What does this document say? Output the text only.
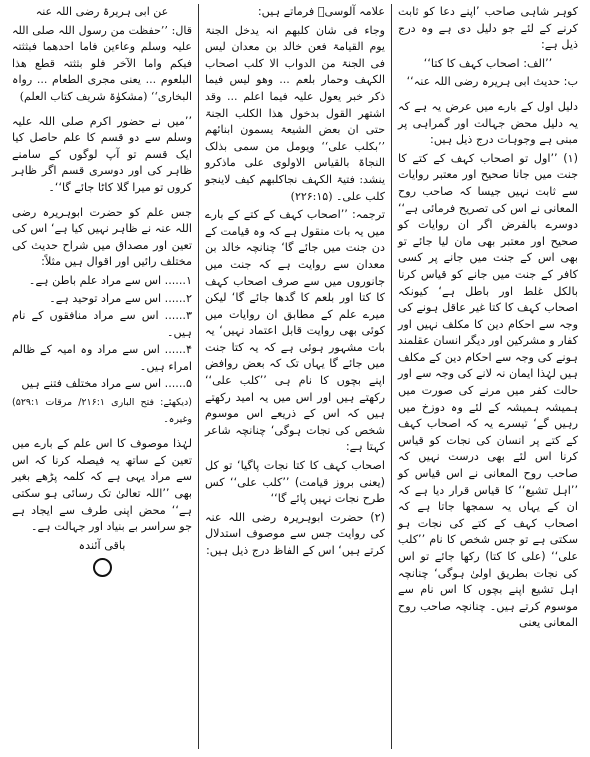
کوہر شاہی صاحب ’اپنے دعا کو ثابت کرنے کے لئے جو دلیل دی ہے وہ درج ذیل ہے:

’’الف: اصحاب کہف کا کتا‘‘

ب: حدیث ابی ہریرہ رضی اللہ عنہ‘‘

دلیل اول کے بارے میں عرض یہ ہے کہ یہ دلیل محض جہالت اور گمراہی پر مبنی ہے وجوہات درج ذیل ہیں:

(۱) ’’اول تو اصحاب کہف کے کتے کا جنت میں جانا صحیح اور معتبر روایات سے ثابت نہیں جیسا کہ صاحب روح المعانی نے اس کی تصریح فرمائی ہے‘‘ دوسرے بالفرض اگر ان روایات کو صحیح اور معتبر بھی مان لیا جائے تو بھی اس کے جنت میں جانے پر کسی کافر کے جنت میں جانے کو قیاس کرنا بالکل غلط اور باطل ہے‘ کیونکہ اصحاب کہف کا کتا غیر عاقل ہونے کی وجہ سے احکام دین کا مکلف نہیں اور کفار و مشرکین اور دیگر انسان عقلمند ہونے کی وجہ سے احکام دین کے مکلف ہیں لہٰذا ایمان نہ لانے کی وجہ سے اور حالت کفر میں مرنے کی صورت میں ہمیشہ ہمیشہ کے لئے وہ دوزخ میں رہیں گے‘ تیسرے یہ کہ اصحاب کہف کے کتے پر انسان کی نجات کو قیاس کرنا اس لئے بھی درست نہیں کہ صاحب روح المعانی نے اس قیاس کو ’’اہل تشیع‘‘ کا قیاس قرار دیا ہے کہ ان کے یہاں یہ سمجھا جاتا ہے کہ اصحاب کہف کے کتے کی نجات ہو سکتی ہے تو جس شخص کا نام ’’کلب علی‘‘ (علی کا کتا) رکھا جائے تو اس کی نجات بطریق اولیٰ ہوگی‘ چنانچہ اہل تشیع اپنے بچوں کا اس نام سے موسوم کرتے ہیں۔ چنانچہ صاحب روح المعانی یعنی

علامہ آلوسیؒ فرماتے ہیں:

وجاء فی شان کلبھم انہ یدخل الجنۃ یوم القیامۃ فعن خالد بن معدان لیس فی الجنۃ من الدواب الا کلب اصحاب الکہف وحمار بلعم ... وھو لیس فیما ذکر خبر یعول علیہ فیما اعلم ... وقد اشتھر القول بدخول ھذا الکلب الجنۃ حتی ان بعض الشیعۃ یسمون ابنائھم ’’بکلب علی‘‘ ویومل من سمی بذلک النجاۃ بالقیاس الاولوی علی ماذکرو ینشد: فتیۃ الکہف نجاکلبھم کیف لاینجو کلب علی۔ (۲۲۶:۱۵)

ترجمہ: ’’اصحاب کہف کے کتے کے بارے میں یہ بات منقول ہے کہ وہ قیامت کے دن جنت میں جائے گا‘ چنانچہ خالد بن معدان سے روایت ہے کہ جنت میں جانوروں میں سے صرف اصحاب کہف کا کتا اور بلعم کا گدھا جائے گا‘ لیکن میرے علم کے مطابق ان روایات میں کوئی بھی روایت قابل اعتماد نہیں‘ یہ بات مشہور ہوئی ہے کہ یہ کتا جنت میں جائے گا یہاں تک کہ بعض روافض اپنے بچوں کا نام ہی ’’کلب علی‘‘ رکھتے ہیں اور اس میں یہ امید رکھتے ہیں کہ اس کے ذریعے اس موسوم شخص کی نجات ہوگی‘ چنانچہ شاعر کہتا ہے:

اصحاب کہف کا کتا نجات پاگیا‘ تو کل (یعنی بروز قیامت) ’’کلب علی‘‘ کس طرح نجات نہیں پائے گا‘‘

(۲) حضرت ابوہریرہ رضی اللہ عنہ کی روایت جس سے موصوف استدلال کرتے ہیں‘ اس کے الفاظ درج ذیل ہیں:

عن ابی ہریرۃ رضی اللہ عنہ

قال: ’’حفظت من رسول اللہ صلی اللہ علیہ وسلم وعاءین فاما احدھما فبثثتہ فیکم واما الآخر فلو بثثتہ قطع ھذا البلعوم ... یعنی مجری الطعام ... رواہ البخاری‘‘ (مشکوٰۃ شریف کتاب العلم)

’’میں نے حضور اکرم صلی اللہ علیہ وسلم سے دو قسم کا علم حاصل کیا ایک قسم تو آپ لوگوں کے سامنے ظاہر کی اور دوسری قسم اگر ظاہر کروں تو میرا گلا کاٹا جائے گا‘‘۔

جس علم کو حضرت ابوہریرہ رضی اللہ عنہ نے ظاہر نہیں کیا ہے‘ اس کی تعین اور مصداق میں شراح حدیث کی مختلف رائیں اور اقوال ہیں مثلاً:

۱...... اس سے مراد علم باطن ہے۔
۲...... اس سے مراد توحید ہے۔
۳...... اس سے مراد منافقوں کے نام ہیں۔
۴...... اس سے مراد وہ امیہ کے ظالم امراء ہیں۔
۵...... اس سے مراد مختلف فتنے ہیں

(دیکھئے: فتح الباری ۲۱۶:۱/ مرقات ۵۲۹:۱) وغیرہ۔

لہٰذا موصوف کا اس علم کے بارے میں تعین کے ساتھ یہ فیصلہ کرنا کہ اس سے مراد یہی ہے کہ کلمہ پڑھے بغیر بھی ’’اللہ تعالیٰ تک رسائی ہو سکتی ہے‘‘ محض اپنی طرف سے ایجاد ہے جو سراسر بے بنیاد اور جہالت ہے۔

باقی آئندہ
